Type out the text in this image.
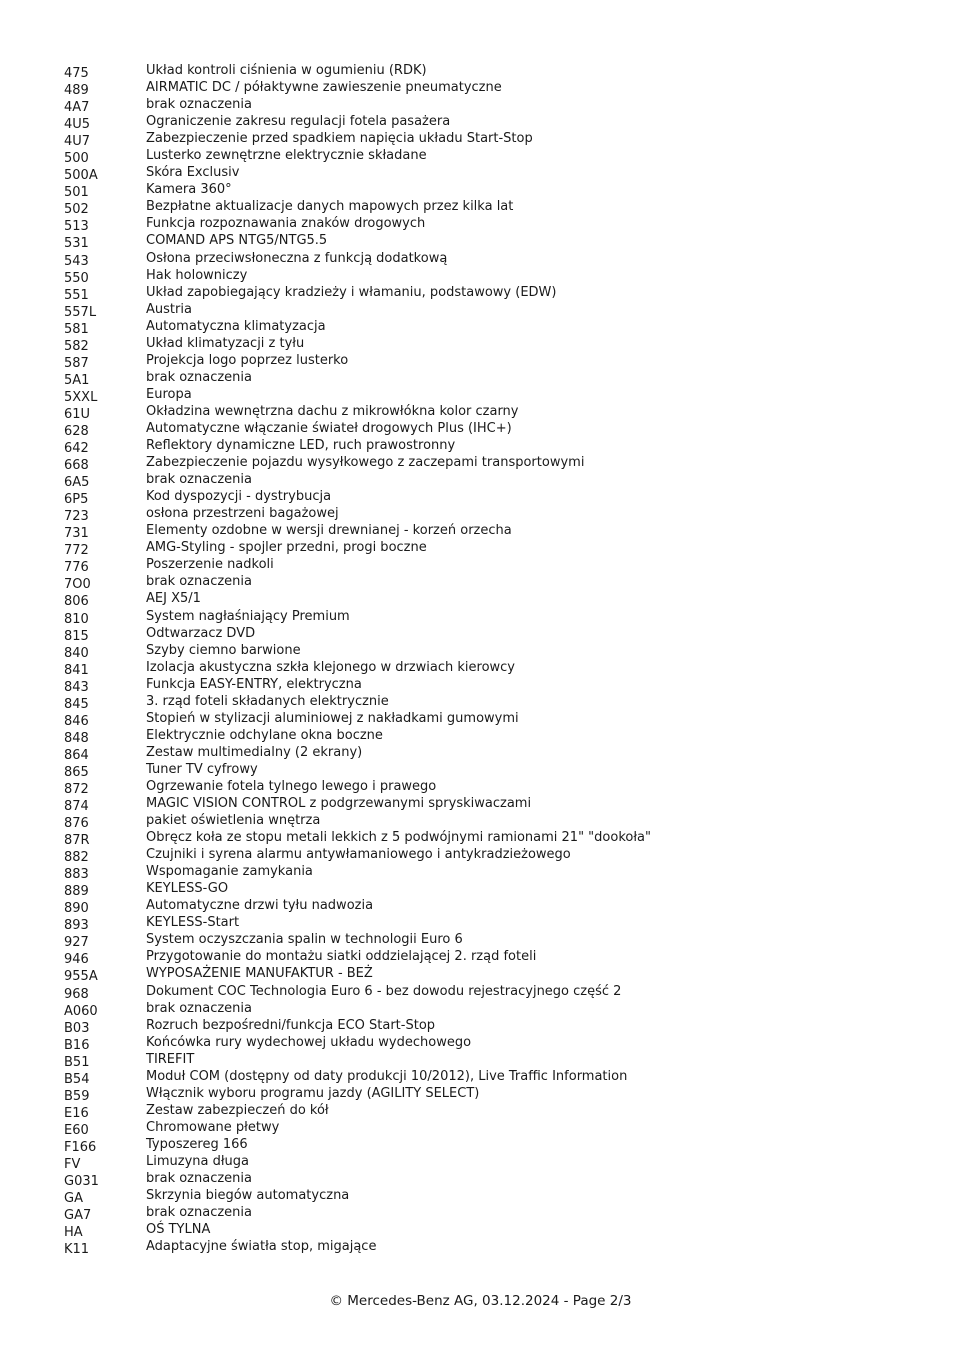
475	Układ kontroli ciśnienia w ogumieniu (RDK)
489	AIRMATIC DC / półaktywne zawieszenie pneumatyczne
4A7	brak oznaczenia
4U5	Ograniczenie zakresu regulacji fotela pasażera
4U7	Zabezpieczenie przed spadkiem napięcia układu Start-Stop
500	Lusterko zewnętrzne elektrycznie składane
500A	Skóra Exclusiv
501	Kamera 360°
502	Bezpłatne aktualizacje danych mapowych przez kilka lat
513	Funkcja rozpoznawania znaków drogowych
531	COMAND APS NTG5/NTG5.5
543	Osłona przeciwsłoneczna z funkcją dodatkową
550	Hak holowniczy
551	Układ zapobiegający kradzieży i włamaniu, podstawowy (EDW)
557L	Austria
581	Automatyczna klimatyzacja
582	Układ klimatyzacji z tyłu
587	Projekcja logo poprzez lusterko
5A1	brak oznaczenia
5XXL	Europa
61U	Okładzina wewnętrzna dachu z mikrowłókna kolor czarny
628	Automatyczne włączanie świateł drogowych Plus (IHC+)
642	Reflektory dynamiczne LED, ruch prawostronny
668	Zabezpieczenie pojazdu wysyłkowego z zaczepami transportowymi
6A5	brak oznaczenia
6P5	Kod dyspozycji - dystrybucja
723	osłona przestrzeni bagażowej
731	Elementy ozdobne w wersji drewnianej - korzeń orzecha
772	AMG-Styling - spojler przedni, progi boczne
776	Poszerzenie nadkoli
7O0	brak oznaczenia
806	AEJ X5/1
810	System nagłaśniający Premium
815	Odtwarzacz DVD
840	Szyby ciemno barwione
841	Izolacja akustyczna szkła klejonego w drzwiach kierowcy
843	Funkcja EASY-ENTRY, elektryczna
845	3. rząd foteli składanych elektrycznie
846	Stopień w stylizacji aluminiowej z nakładkami gumowymi
848	Elektrycznie odchylane okna boczne
864	Zestaw multimedialny (2 ekrany)
865	Tuner TV cyfrowy
872	Ogrzewanie fotela tylnego lewego i prawego
874	MAGIC VISION CONTROL z podgrzewanymi spryskiwaczami
876	pakiet oświetlenia wnętrza
87R	Obręcz koła ze stopu metali lekkich z 5 podwójnymi ramionami 21" "dookoła"
882	Czujniki i syrena alarmu antywłamaniowego i antykradzieżowego
883	Wspomaganie zamykania
889	KEYLESS-GO
890	Automatyczne drzwi tyłu nadwozia
893	KEYLESS-Start
927	System oczyszczania spalin w technologii Euro 6
946	Przygotowanie do montażu siatki oddzielającej 2. rząd foteli
955A	WYPOSAŻENIE MANUFAKTUR - BEŻ
968	Dokument COC Technologia Euro 6 - bez dowodu rejestracyjnego część 2
A060	brak oznaczenia
B03	Rozruch bezpośredni/funkcja ECO Start-Stop
B16	Końcówka rury wydechowej układu wydechowego
B51	TIREFIT
B54	Moduł COM (dostępny od daty produkcji 10/2012), Live Traffic Information
B59	Włącznik wyboru programu jazdy (AGILITY SELECT)
E16	Zestaw zabezpieczeń do kół
E60	Chromowane płetwy
F166	Typoszereg 166
FV	Limuzyna długa
G031	brak oznaczenia
GA	Skrzynia biegów automatyczna
GA7	brak oznaczenia
HA	OŚ TYLNA
K11	Adaptacyjne światła stop, migające
© Mercedes-Benz AG, 03.12.2024 - Page 2/3
